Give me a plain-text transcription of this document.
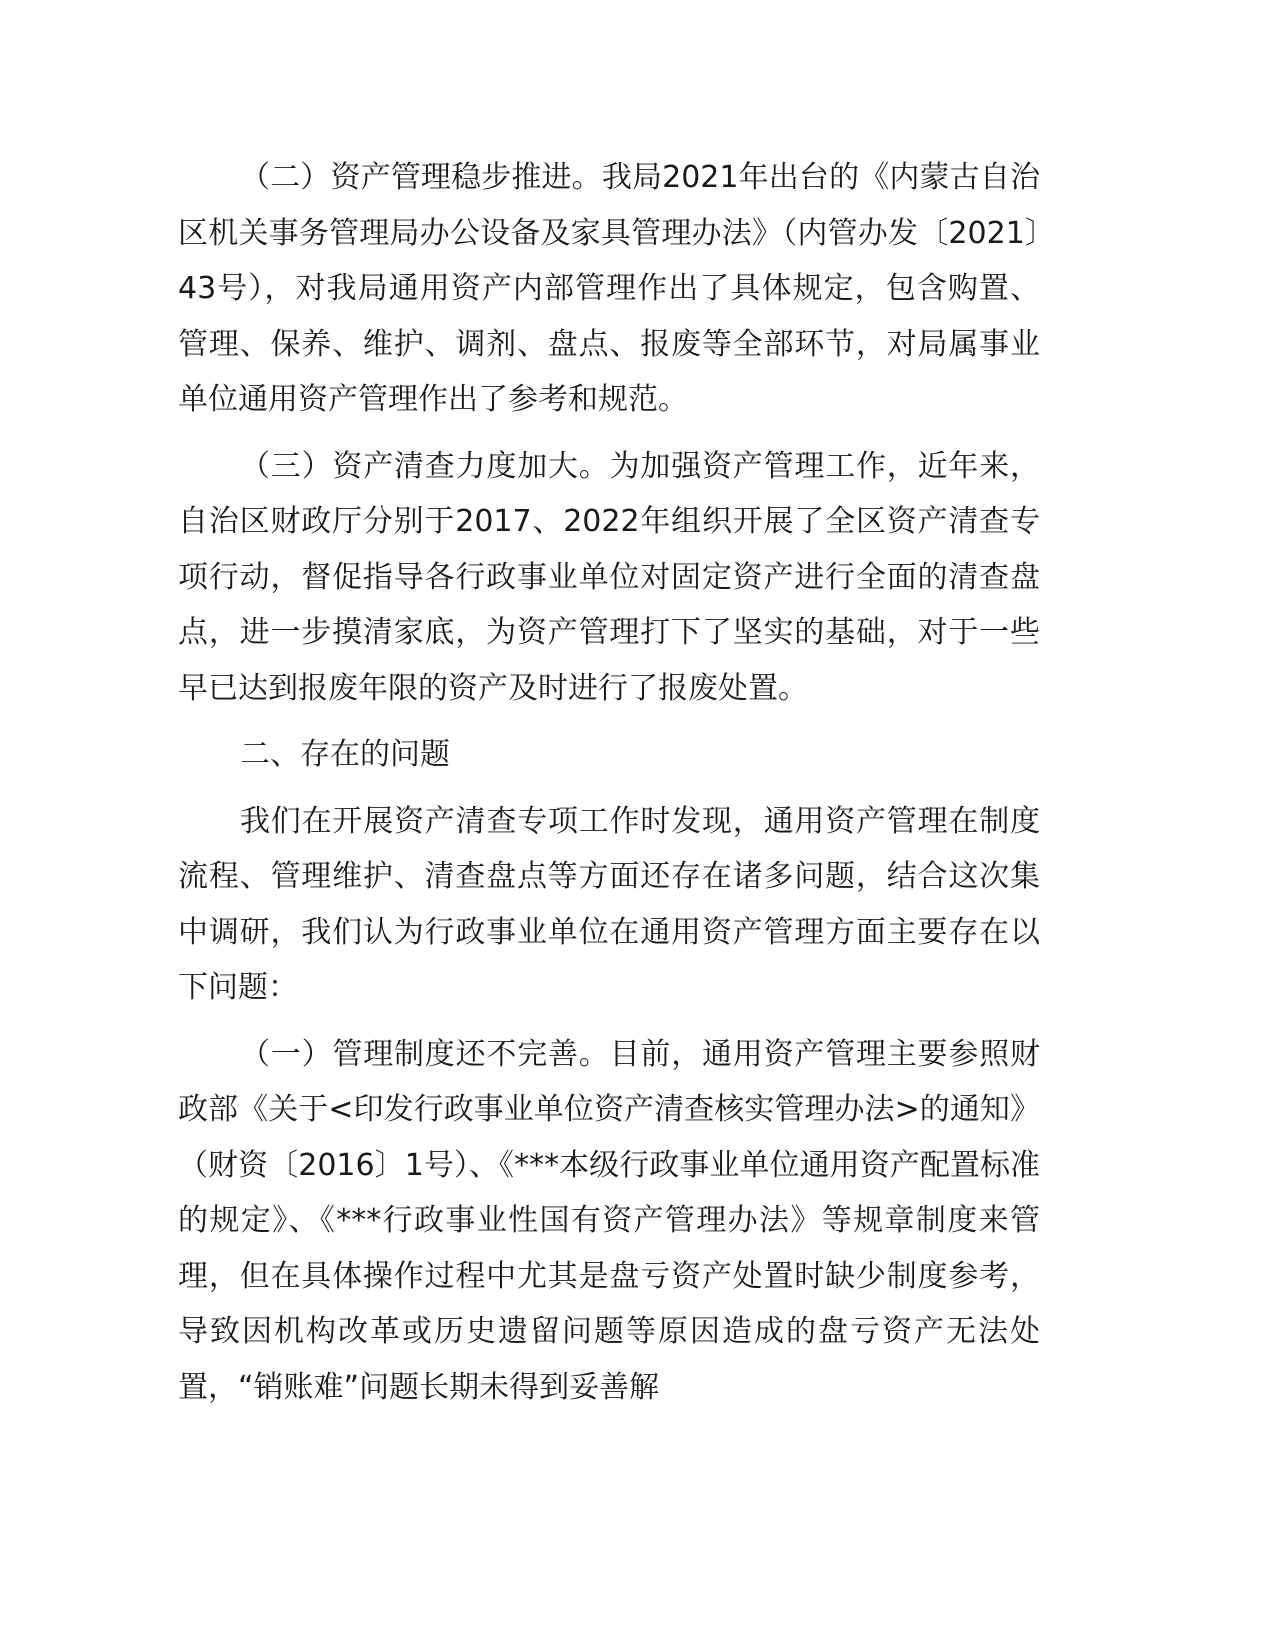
（二）资产管理稳步推进。我局2021年出台的《内蒙古自治区机关事务管理局办公设备及家具管理办法》（内管办发〔2021〕43号），对我局通用资产内部管理作出了具体规定，包含购置、管理、保养、维护、调剂、盘点、报废等全部环节，对局属事业单位通用资产管理作出了参考和规范。

（三）资产清查力度加大。为加强资产管理工作，近年来，自治区财政厅分别于2017、2022年组织开展了全区资产清查专项行动，督促指导各行政事业单位对固定资产进行全面的清查盘点，进一步摸清家底，为资产管理打下了坚实的基础，对于一些早已达到报废年限的资产及时进行了报废处置。

二、存在的问题

我们在开展资产清查专项工作时发现，通用资产管理在制度流程、管理维护、清查盘点等方面还存在诸多问题，结合这次集中调研，我们认为行政事业单位在通用资产管理方面主要存在以下问题：

（一）管理制度还不完善。目前，通用资产管理主要参照财政部《关于<印发行政事业单位资产清查核实管理办法>的通知》（财资〔2016〕1号）、《***本级行政事业单位通用资产配置标准的规定》、《***行政事业性国有资产管理办法》等规章制度来管理，但在具体操作过程中尤其是盘亏资产处置时缺少制度参考，导致因机构改革或历史遗留问题等原因造成的盘亏资产无法处置，“销账难”问题长期未得到妥善解
